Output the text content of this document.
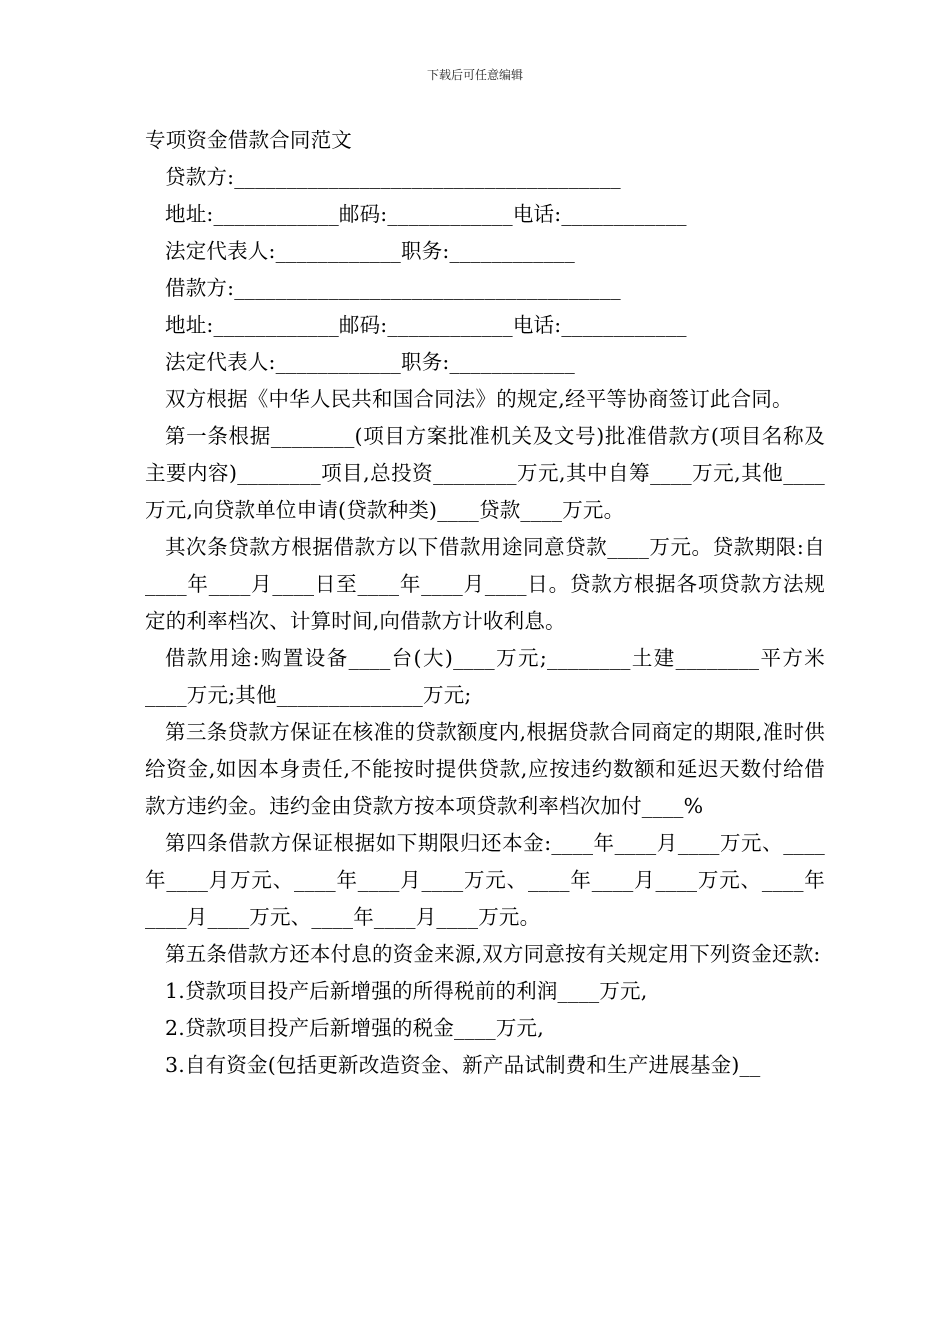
下载后可任意编辑
专项资金借款合同范文
贷款方:_____________________________________
地址:____________邮码:____________电话:____________
法定代表人:____________职务:____________
借款方:_____________________________________
地址:____________邮码:____________电话:____________
法定代表人:____________职务:____________
双方根据《中华人民共和国合同法》的规定,经平等协商签订此合同。
第一条根据________(项目方案批准机关及文号)批准借款方(项目名称及主要内容)________项目,总投资________万元,其中自筹____万元,其他____万元,向贷款单位申请(贷款种类)____贷款____万元。
其次条贷款方根据借款方以下借款用途同意贷款____万元。贷款期限:自____年____月____日至____年____月____日。贷款方根据各项贷款方法规定的利率档次、计算时间,向借款方计收利息。
借款用途:购置设备____台(大)____万元;________土建________平方米____万元;其他______________万元;
第三条贷款方保证在核准的贷款额度内,根据贷款合同商定的期限,准时供给资金,如因本身责任,不能按时提供贷款,应按违约数额和延迟天数付给借款方违约金。违约金由贷款方按本项贷款利率档次加付____%
第四条借款方保证根据如下期限归还本金:____年____月____万元、____年____月万元、____年____月____万元、____年____月____万元、____年____月____万元、____年____月____万元。
第五条借款方还本付息的资金来源,双方同意按有关规定用下列资金还款:
1.贷款项目投产后新增强的所得税前的利润____万元,
2.贷款项目投产后新增强的税金____万元,
3.自有资金(包括更新改造资金、新产品试制费和生产进展基金)__
